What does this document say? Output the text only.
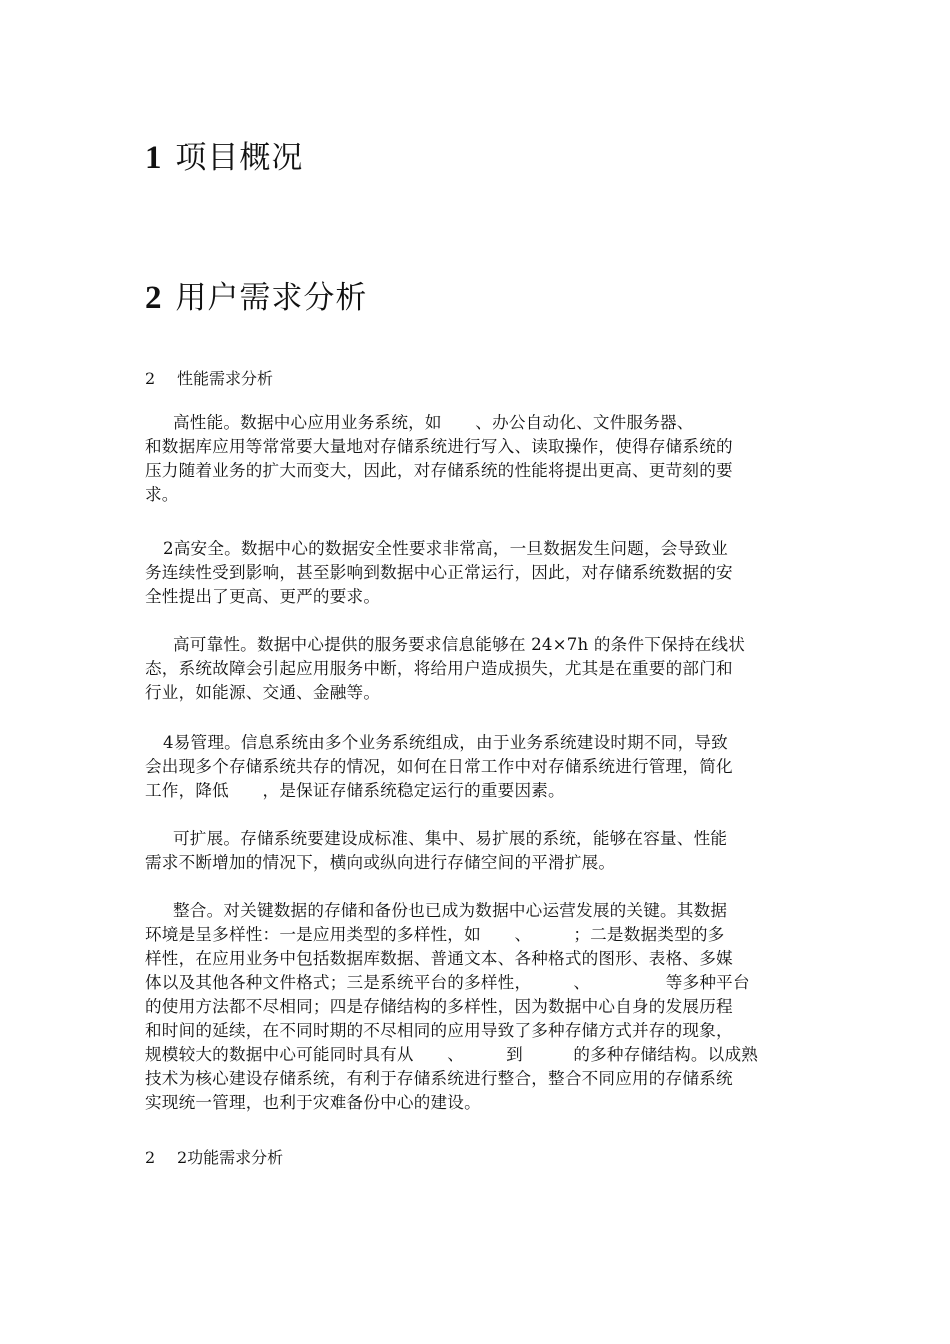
1 项目概况
2 用户需求分析
2 性能需求分析
高性能。数据中心应用业务系统，如　　、办公自动化、文件服务器、
和数据库应用等常常要大量地对存储系统进行写入、读取操作，使得存储系统的
压力随着业务的扩大而变大，因此，对存储系统的性能将提出更高、更苛刻的要
求。
2高安全。数据中心的数据安全性要求非常高，一旦数据发生问题，会导致业
务连续性受到影响，甚至影响到数据中心正常运行，因此，对存储系统数据的安
全性提出了更高、更严的要求。
高可靠性。数据中心提供的服务要求信息能够在 24×7h 的条件下保持在线状
态，系统故障会引起应用服务中断，将给用户造成损失，尤其是在重要的部门和
行业，如能源、交通、金融等。
4易管理。信息系统由多个业务系统组成，由于业务系统建设时期不同，导致
会出现多个存储系统共存的情况，如何在日常工作中对存储系统进行管理，简化
工作，降低　　，是保证存储系统稳定运行的重要因素。
可扩展。存储系统要建设成标准、集中、易扩展的系统，能够在容量、性能
需求不断增加的情况下，横向或纵向进行存储空间的平滑扩展。
整合。对关键数据的存储和备份也已成为数据中心运营发展的关键。其数据
环境是呈多样性：一是应用类型的多样性，如　　、　　　；二是数据类型的多
样性，在应用业务中包括数据库数据、普通文本、各种格式的图形、表格、多媒
体以及其他各种文件格式；三是系统平台的多样性，　　　、　　　　　等多种平台
的使用方法都不尽相同；四是存储结构的多样性，因为数据中心自身的发展历程
和时间的延续，在不同时期的不尽相同的应用导致了多种存储方式并存的现象，
规模较大的数据中心可能同时具有从　　、　　　到　　　的多种存储结构。以成熟
技术为核心建设存储系统，有利于存储系统进行整合，整合不同应用的存储系统
实现统一管理，也利于灾难备份中心的建设。
2 2功能需求分析
